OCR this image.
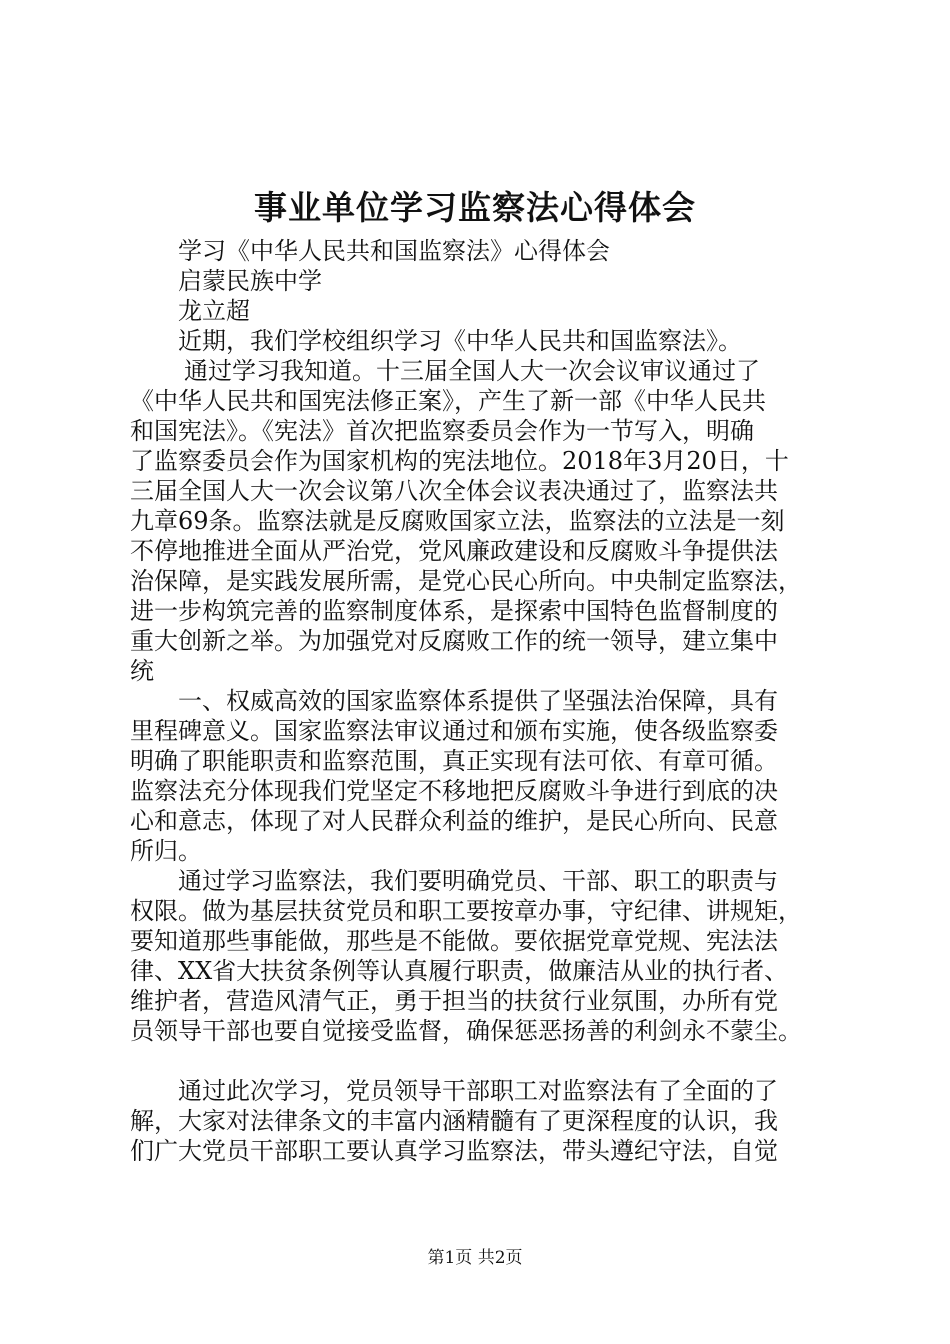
事业单位学习监察法心得体会
学习《中华人民共和国监察法》心得体会
启蒙民族中学
龙立超
近期，我们学校组织学习《中华人民共和国监察法》。
通过学习我知道。十三届全国人大一次会议审议通过了
《中华人民共和国宪法修正案》，产生了新一部《中华人民共
和国宪法》。《宪法》首次把监察委员会作为一节写入，明确
了监察委员会作为国家机构的宪法地位。2018年3月20日，十
三届全国人大一次会议第八次全体会议表决通过了，监察法共
九章69条。监察法就是反腐败国家立法，监察法的立法是一刻
不停地推进全面从严治党，党风廉政建设和反腐败斗争提供法
治保障，是实践发展所需，是党心民心所向。中央制定监察法，
进一步构筑完善的监察制度体系，是探索中国特色监督制度的
重大创新之举。为加强党对反腐败工作的统一领导，建立集中
统
一、权威高效的国家监察体系提供了坚强法治保障，具有
里程碑意义。国家监察法审议通过和颁布实施，使各级监察委
明确了职能职责和监察范围，真正实现有法可依、有章可循。
监察法充分体现我们党坚定不移地把反腐败斗争进行到底的决
心和意志，体现了对人民群众利益的维护，是民心所向、民意
所归。
通过学习监察法，我们要明确党员、干部、职工的职责与
权限。做为基层扶贫党员和职工要按章办事，守纪律、讲规矩，
要知道那些事能做，那些是不能做。要依据党章党规、宪法法
律、XX省大扶贫条例等认真履行职责，做廉洁从业的执行者、
维护者，营造风清气正，勇于担当的扶贫行业氛围，办所有党
员领导干部也要自觉接受监督，确保惩恶扬善的利剑永不蒙尘。
通过此次学习，党员领导干部职工对监察法有了全面的了
解，大家对法律条文的丰富内涵精髓有了更深程度的认识，我
们广大党员干部职工要认真学习监察法，带头遵纪守法，自觉
第1页 共2页
